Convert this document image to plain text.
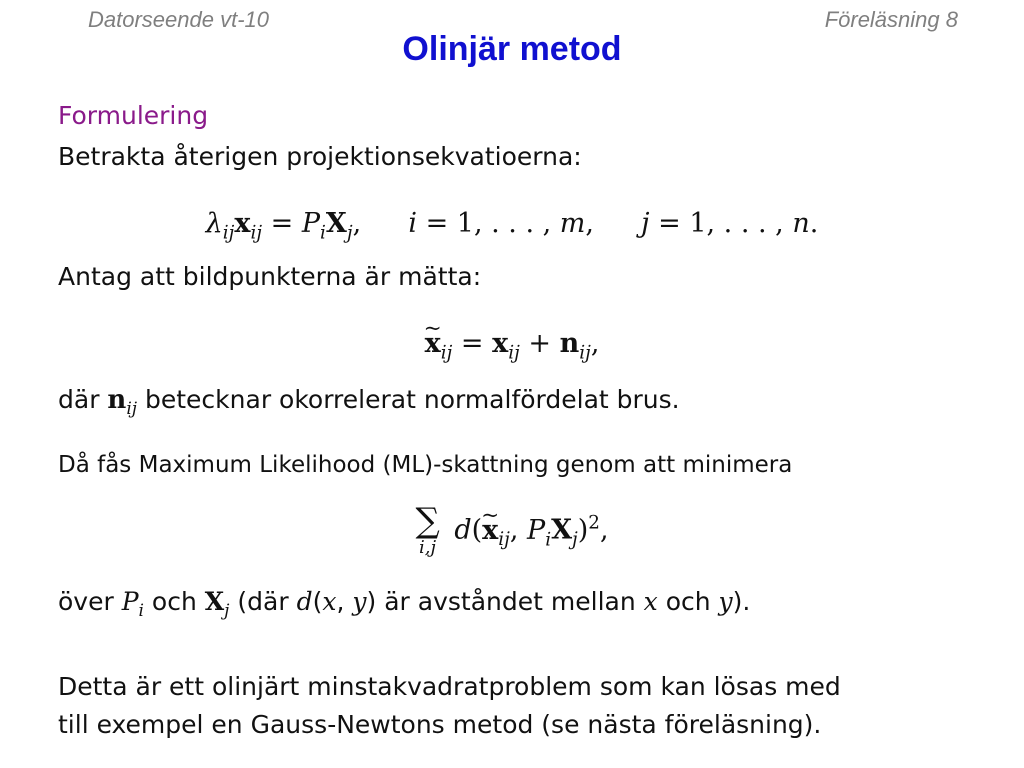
Datorseende vt-10	Föreläsning 8
Olinjär metod

Formulering

Betrakta återigen projektionsekvatioerna:

$\lambda_{ij}x_{ij} = P_iX_j$, i = 1, . . . , m, j = 1, . . . , n.

Antag att bildpunkterna är mätta:

~ $x_{ij} = x_{ij} + n_{ij}$,

där $n_{ij}$ betecknar okorrelerat normalfördelat brus.

Då fås Maximum Likelihood (ML)-skattning genom att minimera

∑
i,j
d(~ $x_{ij}$, $P_iX_j)^2$,

över $P_i$ och $X_j$ (där d(x, y) är avståndet mellan x och y).

Detta är ett olinjärt minstakvadratproblem som kan lösas med
till exempel en Gauss-Newtons metod (se nästa föreläsning).
